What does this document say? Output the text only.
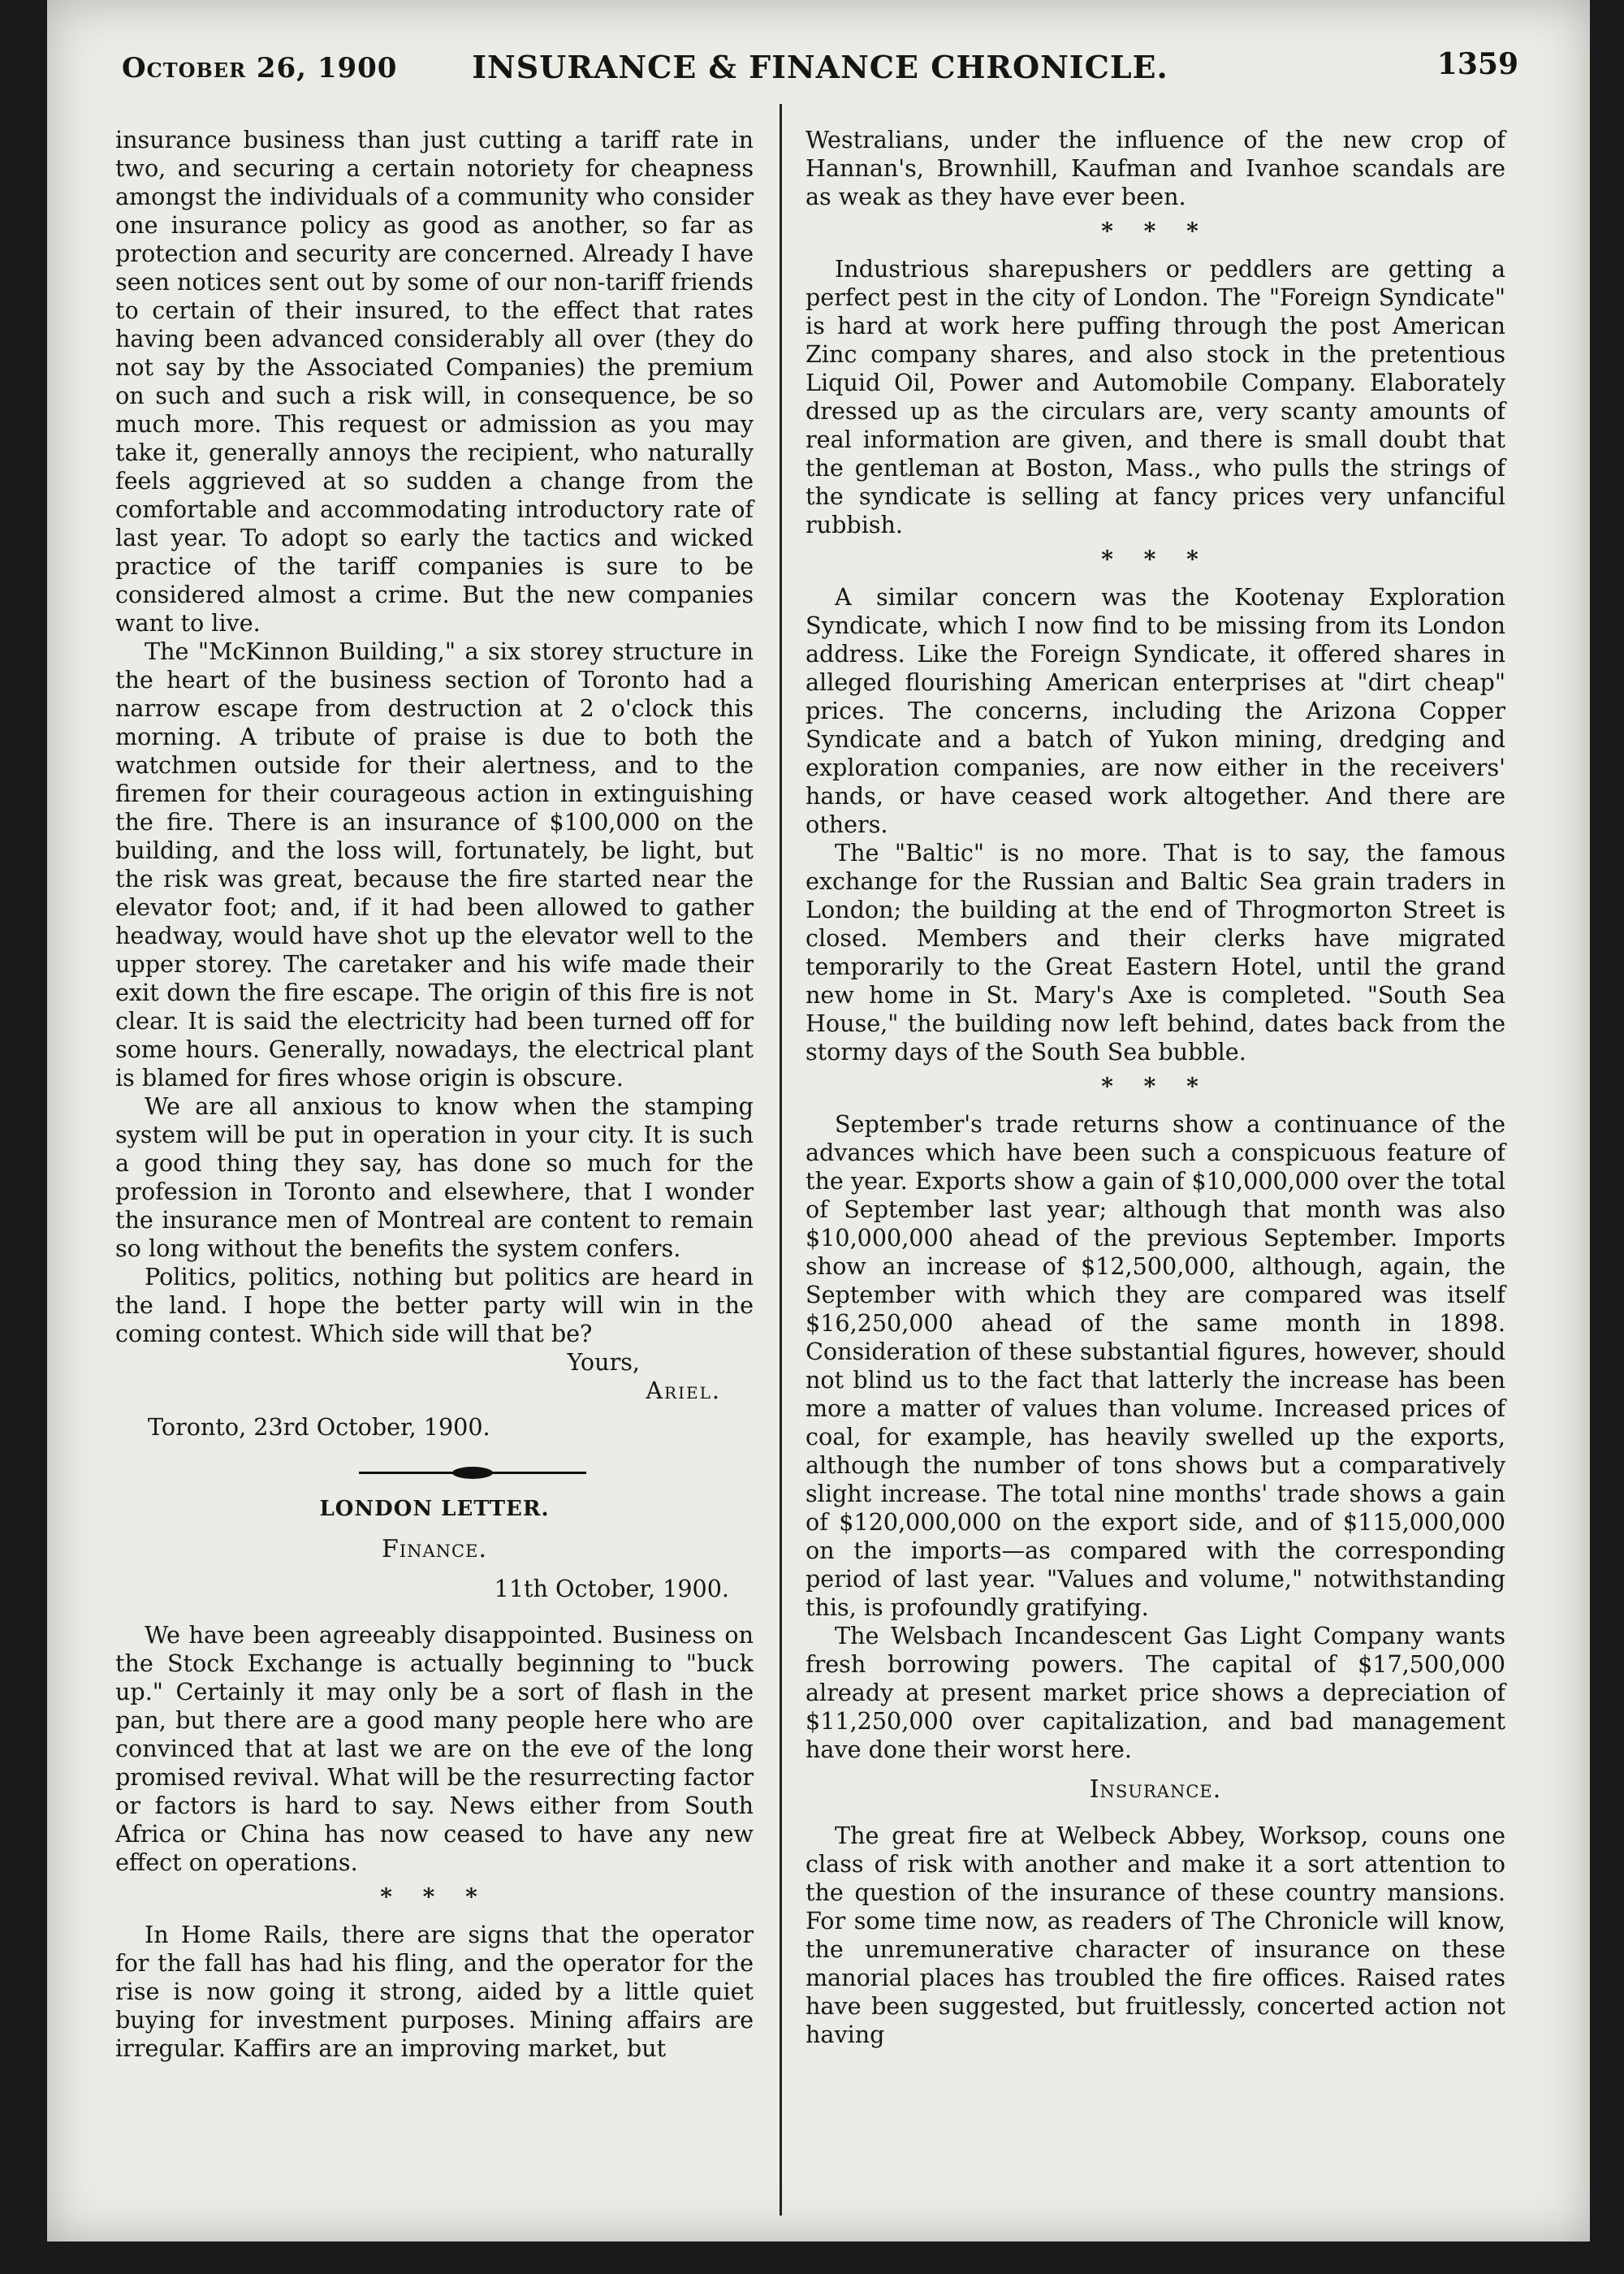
October 26, 1900	INSURANCE & FINANCE CHRONICLE.	1359

insurance business than just cutting a tariff rate in two, and securing a certain notoriety for cheapness amongst the individuals of a community who consider one insurance policy as good as another, so far as protection and security are concerned. Already I have seen notices sent out by some of our non-tariff friends to certain of their insured, to the effect that rates having been advanced considerably all over (they do not say by the Associated Companies) the premium on such and such a risk will, in consequence, be so much more. This request or admission as you may take it, generally annoys the recipient, who naturally feels aggrieved at so sudden a change from the comfortable and accommodating introductory rate of last year. To adopt so early the tactics and wicked practice of the tariff companies is sure to be considered almost a crime. But the new companies want to live.

The "McKinnon Building," a six storey structure in the heart of the business section of Toronto had a narrow escape from destruction at 2 o'clock this morning. A tribute of praise is due to both the watchmen outside for their alertness, and to the firemen for their courageous action in extinguishing the fire. There is an insurance of $100,000 on the building, and the loss will, fortunately, be light, but the risk was great, because the fire started near the elevator foot; and, if it had been allowed to gather headway, would have shot up the elevator well to the upper storey. The caretaker and his wife made their exit down the fire escape. The origin of this fire is not clear. It is said the electricity had been turned off for some hours. Generally, nowadays, the electrical plant is blamed for fires whose origin is obscure.

We are all anxious to know when the stamping system will be put in operation in your city. It is such a good thing they say, has done so much for the profession in Toronto and elsewhere, that I wonder the insurance men of Montreal are content to remain so long without the benefits the system confers.

Politics, politics, nothing but politics are heard in the land. I hope the better party will win in the coming contest. Which side will that be?

Yours,

Ariel.

Toronto, 23rd October, 1900.

LONDON LETTER.
Finance.

11th October, 1900.

We have been agreeably disappointed. Business on the Stock Exchange is actually beginning to "buck up." Certainly it may only be a sort of flash in the pan, but there are a good many people here who are convinced that at last we are on the eve of the long promised revival. What will be the resurrecting factor or factors is hard to say. News either from South Africa or China has now ceased to have any new effect on operations.

* * *

In Home Rails, there are signs that the operator for the fall has had his fling, and the operator for the rise is now going it strong, aided by a little quiet buying for investment purposes. Mining affairs are irregular. Kaffirs are an improving market, but

Westralians, under the influence of the new crop of Hannan's, Brownhill, Kaufman and Ivanhoe scandals are as weak as they have ever been.

* * *

Industrious sharepushers or peddlers are getting a perfect pest in the city of London. The "Foreign Syndicate" is hard at work here puffing through the post American Zinc company shares, and also stock in the pretentious Liquid Oil, Power and Automobile Company. Elaborately dressed up as the circulars are, very scanty amounts of real information are given, and there is small doubt that the gentleman at Boston, Mass., who pulls the strings of the syndicate is selling at fancy prices very unfanciful rubbish.

* * *

A similar concern was the Kootenay Exploration Syndicate, which I now find to be missing from its London address. Like the Foreign Syndicate, it offered shares in alleged flourishing American enterprises at "dirt cheap" prices. The concerns, including the Arizona Copper Syndicate and a batch of Yukon mining, dredging and exploration companies, are now either in the receivers' hands, or have ceased work altogether. And there are others.

The "Baltic" is no more. That is to say, the famous exchange for the Russian and Baltic Sea grain traders in London; the building at the end of Throgmorton Street is closed. Members and their clerks have migrated temporarily to the Great Eastern Hotel, until the grand new home in St. Mary's Axe is completed. "South Sea House," the building now left behind, dates back from the stormy days of the South Sea bubble.

* * *

September's trade returns show a continuance of the advances which have been such a conspicuous feature of the year. Exports show a gain of $10,000,000 over the total of September last year; although that month was also $10,000,000 ahead of the previous September. Imports show an increase of $12,500,000, although, again, the September with which they are compared was itself $16,250,000 ahead of the same month in 1898. Consideration of these substantial figures, however, should not blind us to the fact that latterly the increase has been more a matter of values than volume. Increased prices of coal, for example, has heavily swelled up the exports, although the number of tons shows but a comparatively slight increase. The total nine months' trade shows a gain of $120,000,000 on the export side, and of $115,000,000 on the imports—as compared with the corresponding period of last year. "Values and volume," notwithstanding this, is profoundly gratifying.

The Welsbach Incandescent Gas Light Company wants fresh borrowing powers. The capital of $17,500,000 already at present market price shows a depreciation of $11,250,000 over capitalization, and bad management have done their worst here.

Insurance.

The great fire at Welbeck Abbey, Worksop, couns one class of risk with another and make it a sort attention to the question of the insurance of these country mansions. For some time now, as readers of The Chronicle will know, the unremunerative character of insurance on these manorial places has troubled the fire offices. Raised rates have been suggested, but fruitlessly, concerted action not having
